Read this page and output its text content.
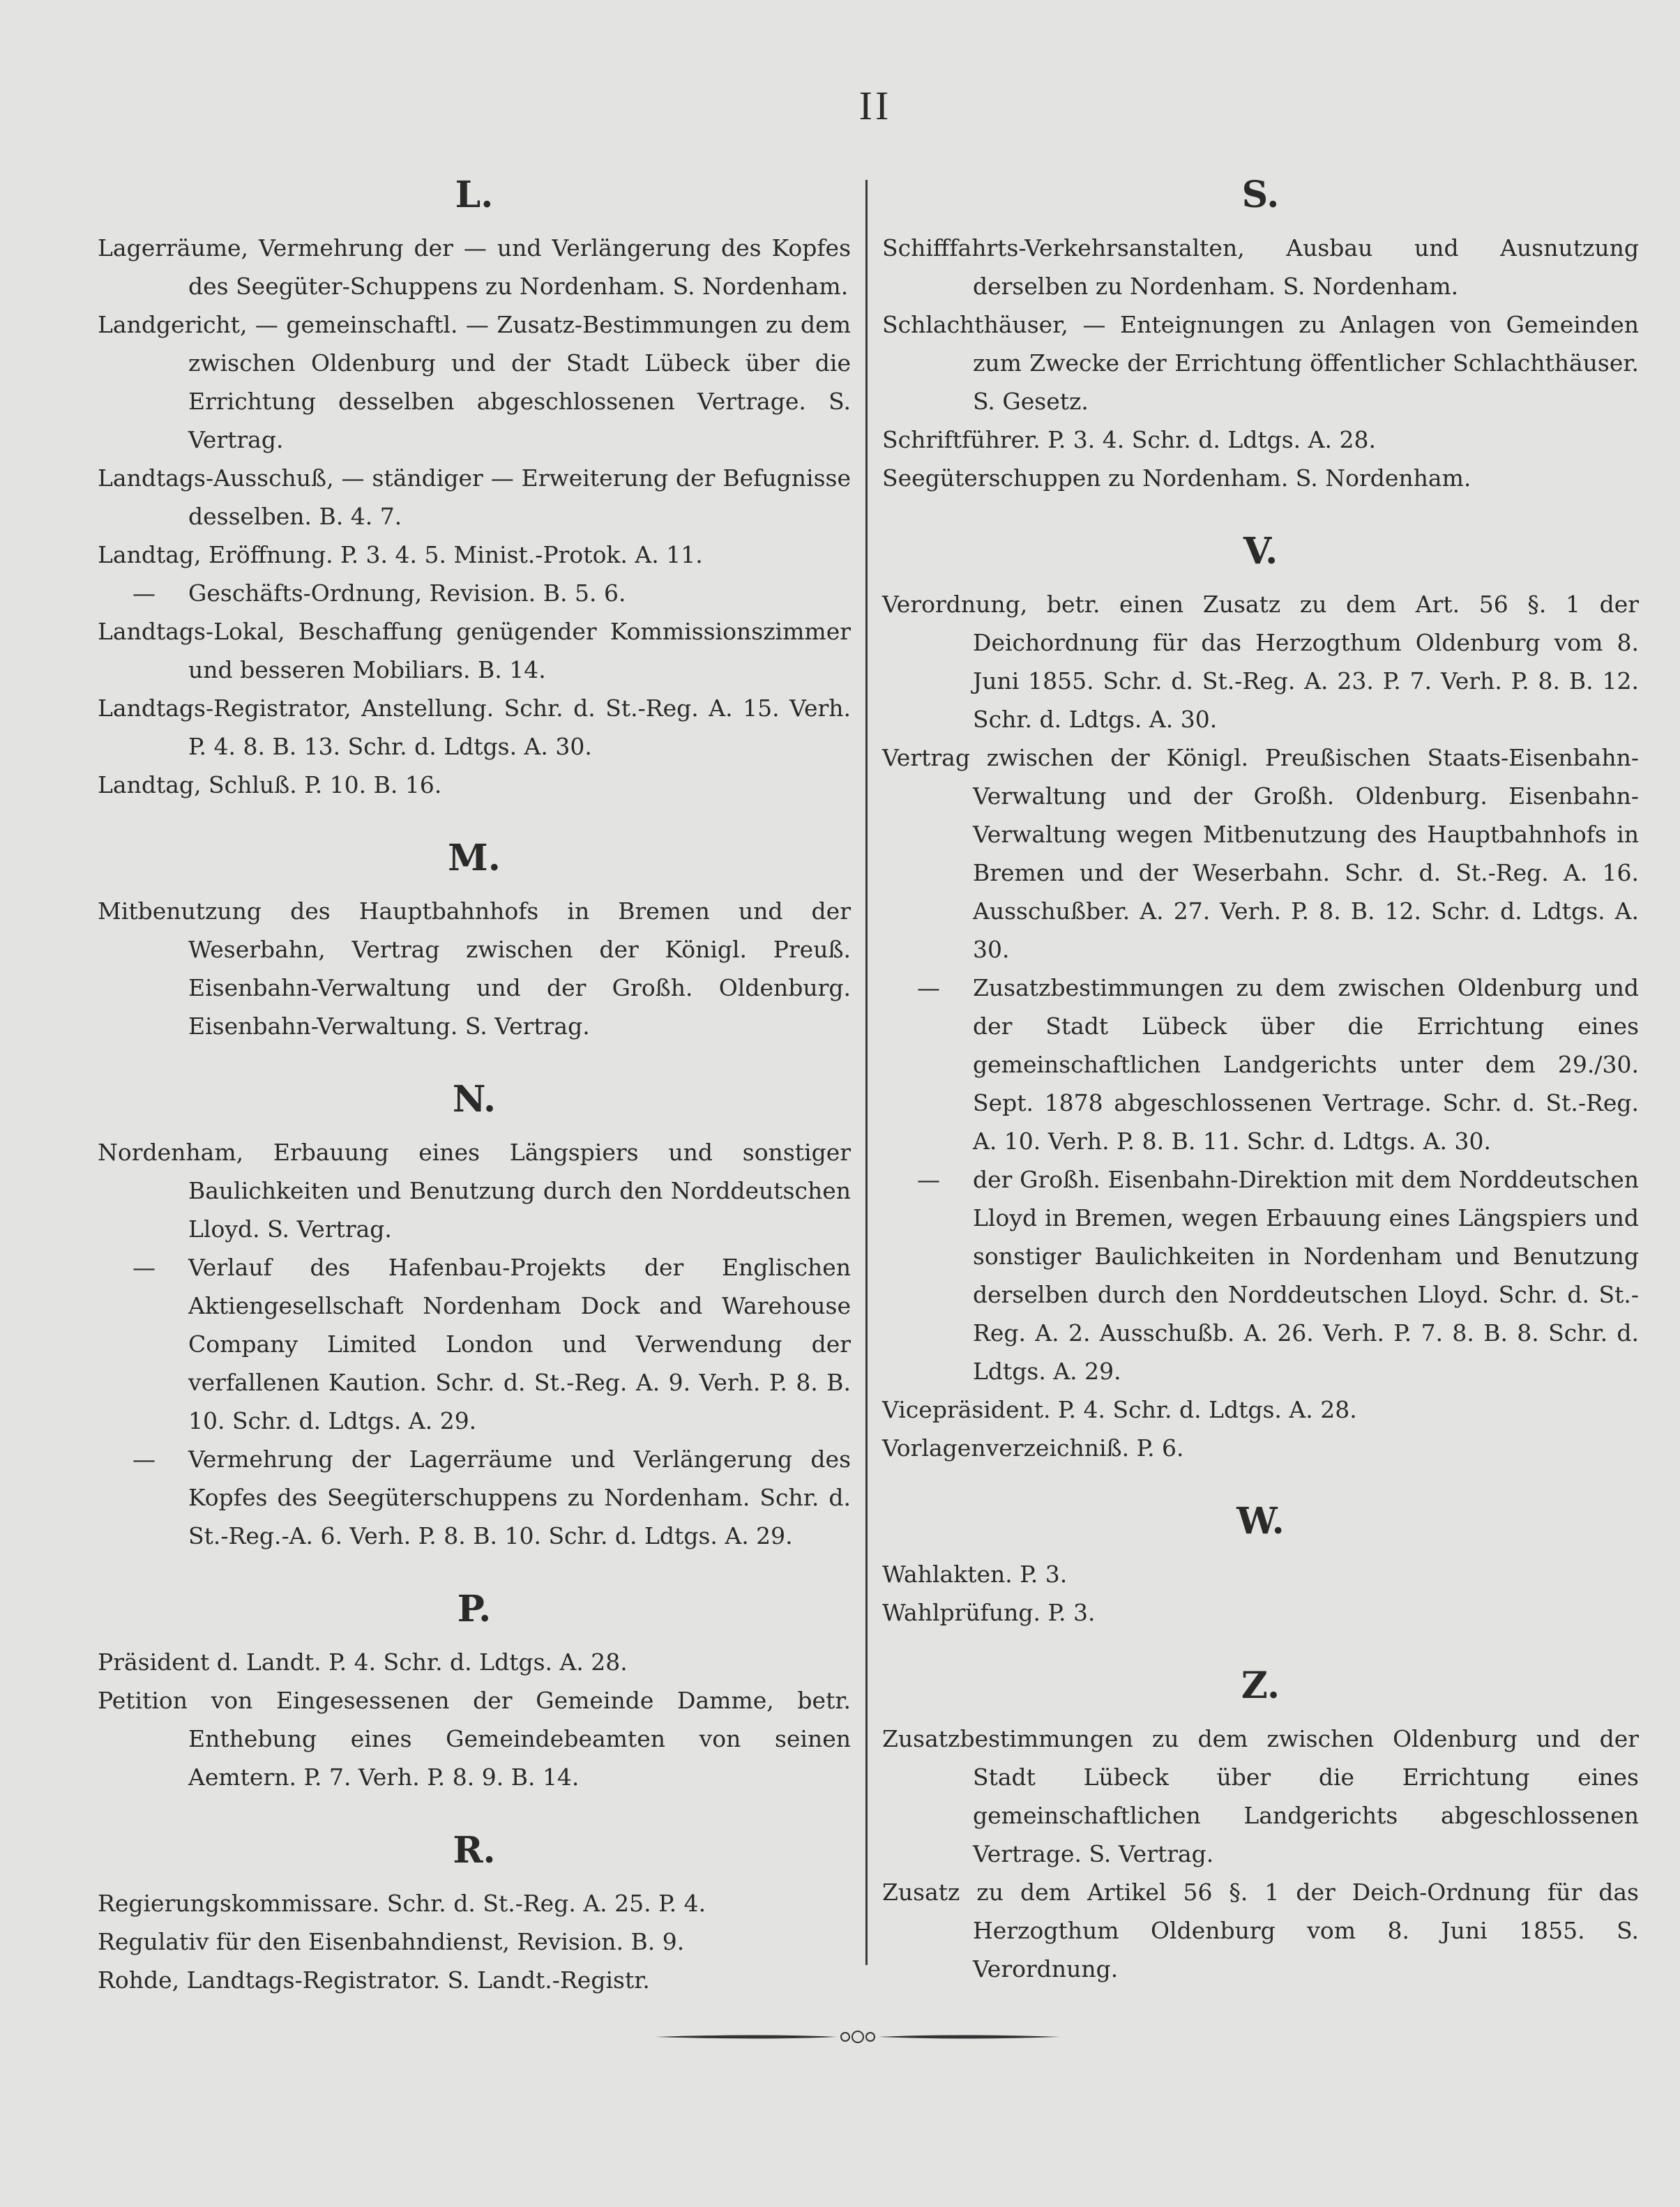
II
L.
Lagerräume, Vermehrung der — und Verlängerung des Kopfes des Seegüter-Schuppens zu Nordenham. S. Nordenham.
Landgericht, — gemeinschaftl. — Zusatz-Bestimmungen zu dem zwischen Oldenburg und der Stadt Lübeck über die Errichtung desselben abgeschlossenen Vertrage. S. Vertrag.
Landtags-Ausschuß, — ständiger — Erweiterung der Befugnisse desselben. B. 4. 7.
Landtag, Eröffnung. P. 3. 4. 5. Minist.-Protok. A. 11.
—	Geschäfts-Ordnung, Revision. B. 5. 6.
Landtags-Lokal, Beschaffung genügender Kommissionszimmer und besseren Mobiliars. B. 14.
Landtags-Registrator, Anstellung. Schr. d. St.-Reg. A. 15. Verh. P. 4. 8. B. 13. Schr. d. Ldtgs. A. 30.
Landtag, Schluß. P. 10. B. 16.
M.
Mitbenutzung des Hauptbahnhofs in Bremen und der Weserbahn, Vertrag zwischen der Königl. Preuß. Eisenbahn-Verwaltung und der Großh. Oldenburg. Eisenbahn-Verwaltung. S. Vertrag.
N.
Nordenham, Erbauung eines Längspiers und sonstiger Baulichkeiten und Benutzung durch den Norddeutschen Lloyd. S. Vertrag.
—	Verlauf des Hafenbau-Projekts der Englischen Aktiengesellschaft Nordenham Dock and Warehouse Company Limited London und Verwendung der verfallenen Kaution. Schr. d. St.-Reg. A. 9. Verh. P. 8. B. 10. Schr. d. Ldtgs. A. 29.
—	Vermehrung der Lagerräume und Verlängerung des Kopfes des Seegüterschuppens zu Nordenham. Schr. d. St.-Reg.-A. 6. Verh. P. 8. B. 10. Schr. d. Ldtgs. A. 29.
P.
Präsident d. Landt. P. 4. Schr. d. Ldtgs. A. 28.
Petition von Eingesessenen der Gemeinde Damme, betr. Enthebung eines Gemeindebeamten von seinen Aemtern. P. 7. Verh. P. 8. 9. B. 14.
R.
Regierungskommissare. Schr. d. St.-Reg. A. 25. P. 4.
Regulativ für den Eisenbahndienst, Revision. B. 9.
Rohde, Landtags-Registrator. S. Landt.-Registr.
S.
Schifffahrts-Verkehrsanstalten, Ausbau und Ausnutzung derselben zu Nordenham. S. Nordenham.
Schlachthäuser, — Enteignungen zu Anlagen von Gemeinden zum Zwecke der Errichtung öffentlicher Schlachthäuser. S. Gesetz.
Schriftführer. P. 3. 4. Schr. d. Ldtgs. A. 28.
Seegüterschuppen zu Nordenham. S. Nordenham.
V.
Verordnung, betr. einen Zusatz zu dem Art. 56 §. 1 der Deichordnung für das Herzogthum Oldenburg vom 8. Juni 1855. Schr. d. St.-Reg. A. 23. P. 7. Verh. P. 8. B. 12. Schr. d. Ldtgs. A. 30.
Vertrag zwischen der Königl. Preußischen Staats-Eisenbahn-Verwaltung und der Großh. Oldenburg. Eisenbahn-Verwaltung wegen Mitbenutzung des Hauptbahnhofs in Bremen und der Weserbahn. Schr. d. St.-Reg. A. 16. Ausschußber. A. 27. Verh. P. 8. B. 12. Schr. d. Ldtgs. A. 30.
—	Zusatzbestimmungen zu dem zwischen Oldenburg und der Stadt Lübeck über die Errichtung eines gemeinschaftlichen Landgerichts unter dem 29./30. Sept. 1878 abgeschlossenen Vertrage. Schr. d. St.-Reg. A. 10. Verh. P. 8. B. 11. Schr. d. Ldtgs. A. 30.
—	der Großh. Eisenbahn-Direktion mit dem Norddeutschen Lloyd in Bremen, wegen Erbauung eines Längspiers und sonstiger Baulichkeiten in Nordenham und Benutzung derselben durch den Norddeutschen Lloyd. Schr. d. St.-Reg. A. 2. Ausschußb. A. 26. Verh. P. 7. 8. B. 8. Schr. d. Ldtgs. A. 29.
Vicepräsident. P. 4. Schr. d. Ldtgs. A. 28.
Vorlagenverzeichniß. P. 6.
W.
Wahlakten. P. 3.
Wahlprüfung. P. 3.
Z.
Zusatzbestimmungen zu dem zwischen Oldenburg und der Stadt Lübeck über die Errichtung eines gemeinschaftlichen Landgerichts abgeschlossenen Vertrage. S. Vertrag.
Zusatz zu dem Artikel 56 §. 1 der Deich-Ordnung für das Herzogthum Oldenburg vom 8. Juni 1855. S. Verordnung.
